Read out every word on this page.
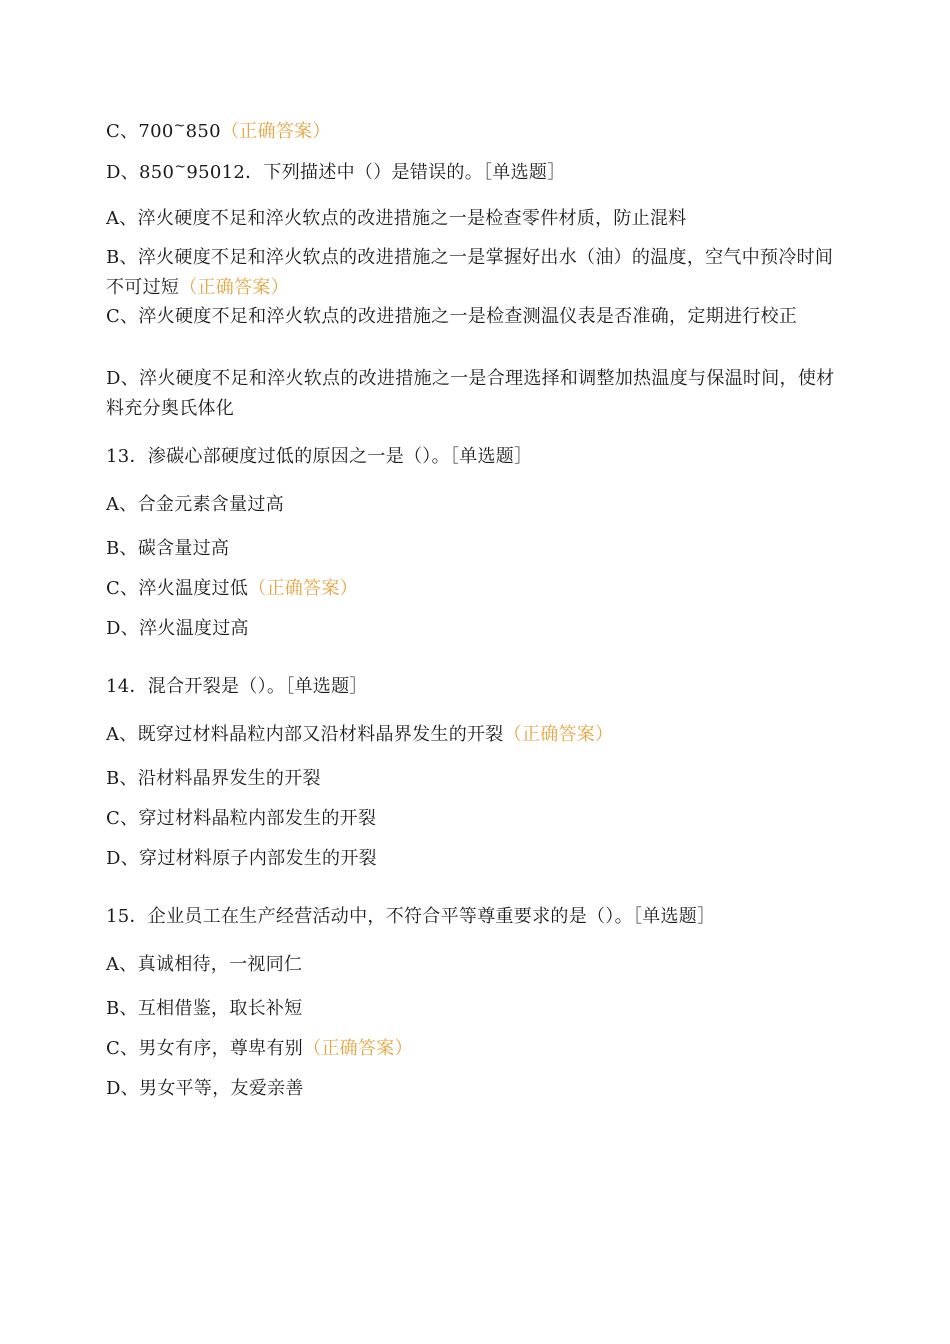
C、700~850（正确答案）
D、850~95012．下列描述中（）是错误的。［单选题］
A、淬火硬度不足和淬火软点的改进措施之一是检查零件材质，防止混料
B、淬火硬度不足和淬火软点的改进措施之一是掌握好出水（油）的温度，空气中预冷时间不可过短（正确答案）
C、淬火硬度不足和淬火软点的改进措施之一是检查测温仪表是否准确，定期进行校正
D、淬火硬度不足和淬火软点的改进措施之一是合理选择和调整加热温度与保温时间，使材料充分奥氏体化
13．渗碳心部硬度过低的原因之一是（）。［单选题］
A、合金元素含量过高
B、碳含量过高
C、淬火温度过低（正确答案）
D、淬火温度过高
14．混合开裂是（）。［单选题］
A、既穿过材料晶粒内部又沿材料晶界发生的开裂（正确答案）
B、沿材料晶界发生的开裂
C、穿过材料晶粒内部发生的开裂
D、穿过材料原子内部发生的开裂
15．企业员工在生产经营活动中，不符合平等尊重要求的是（）。［单选题］
A、真诚相待，一视同仁
B、互相借鉴，取长补短
C、男女有序，尊卑有别（正确答案）
D、男女平等，友爱亲善
